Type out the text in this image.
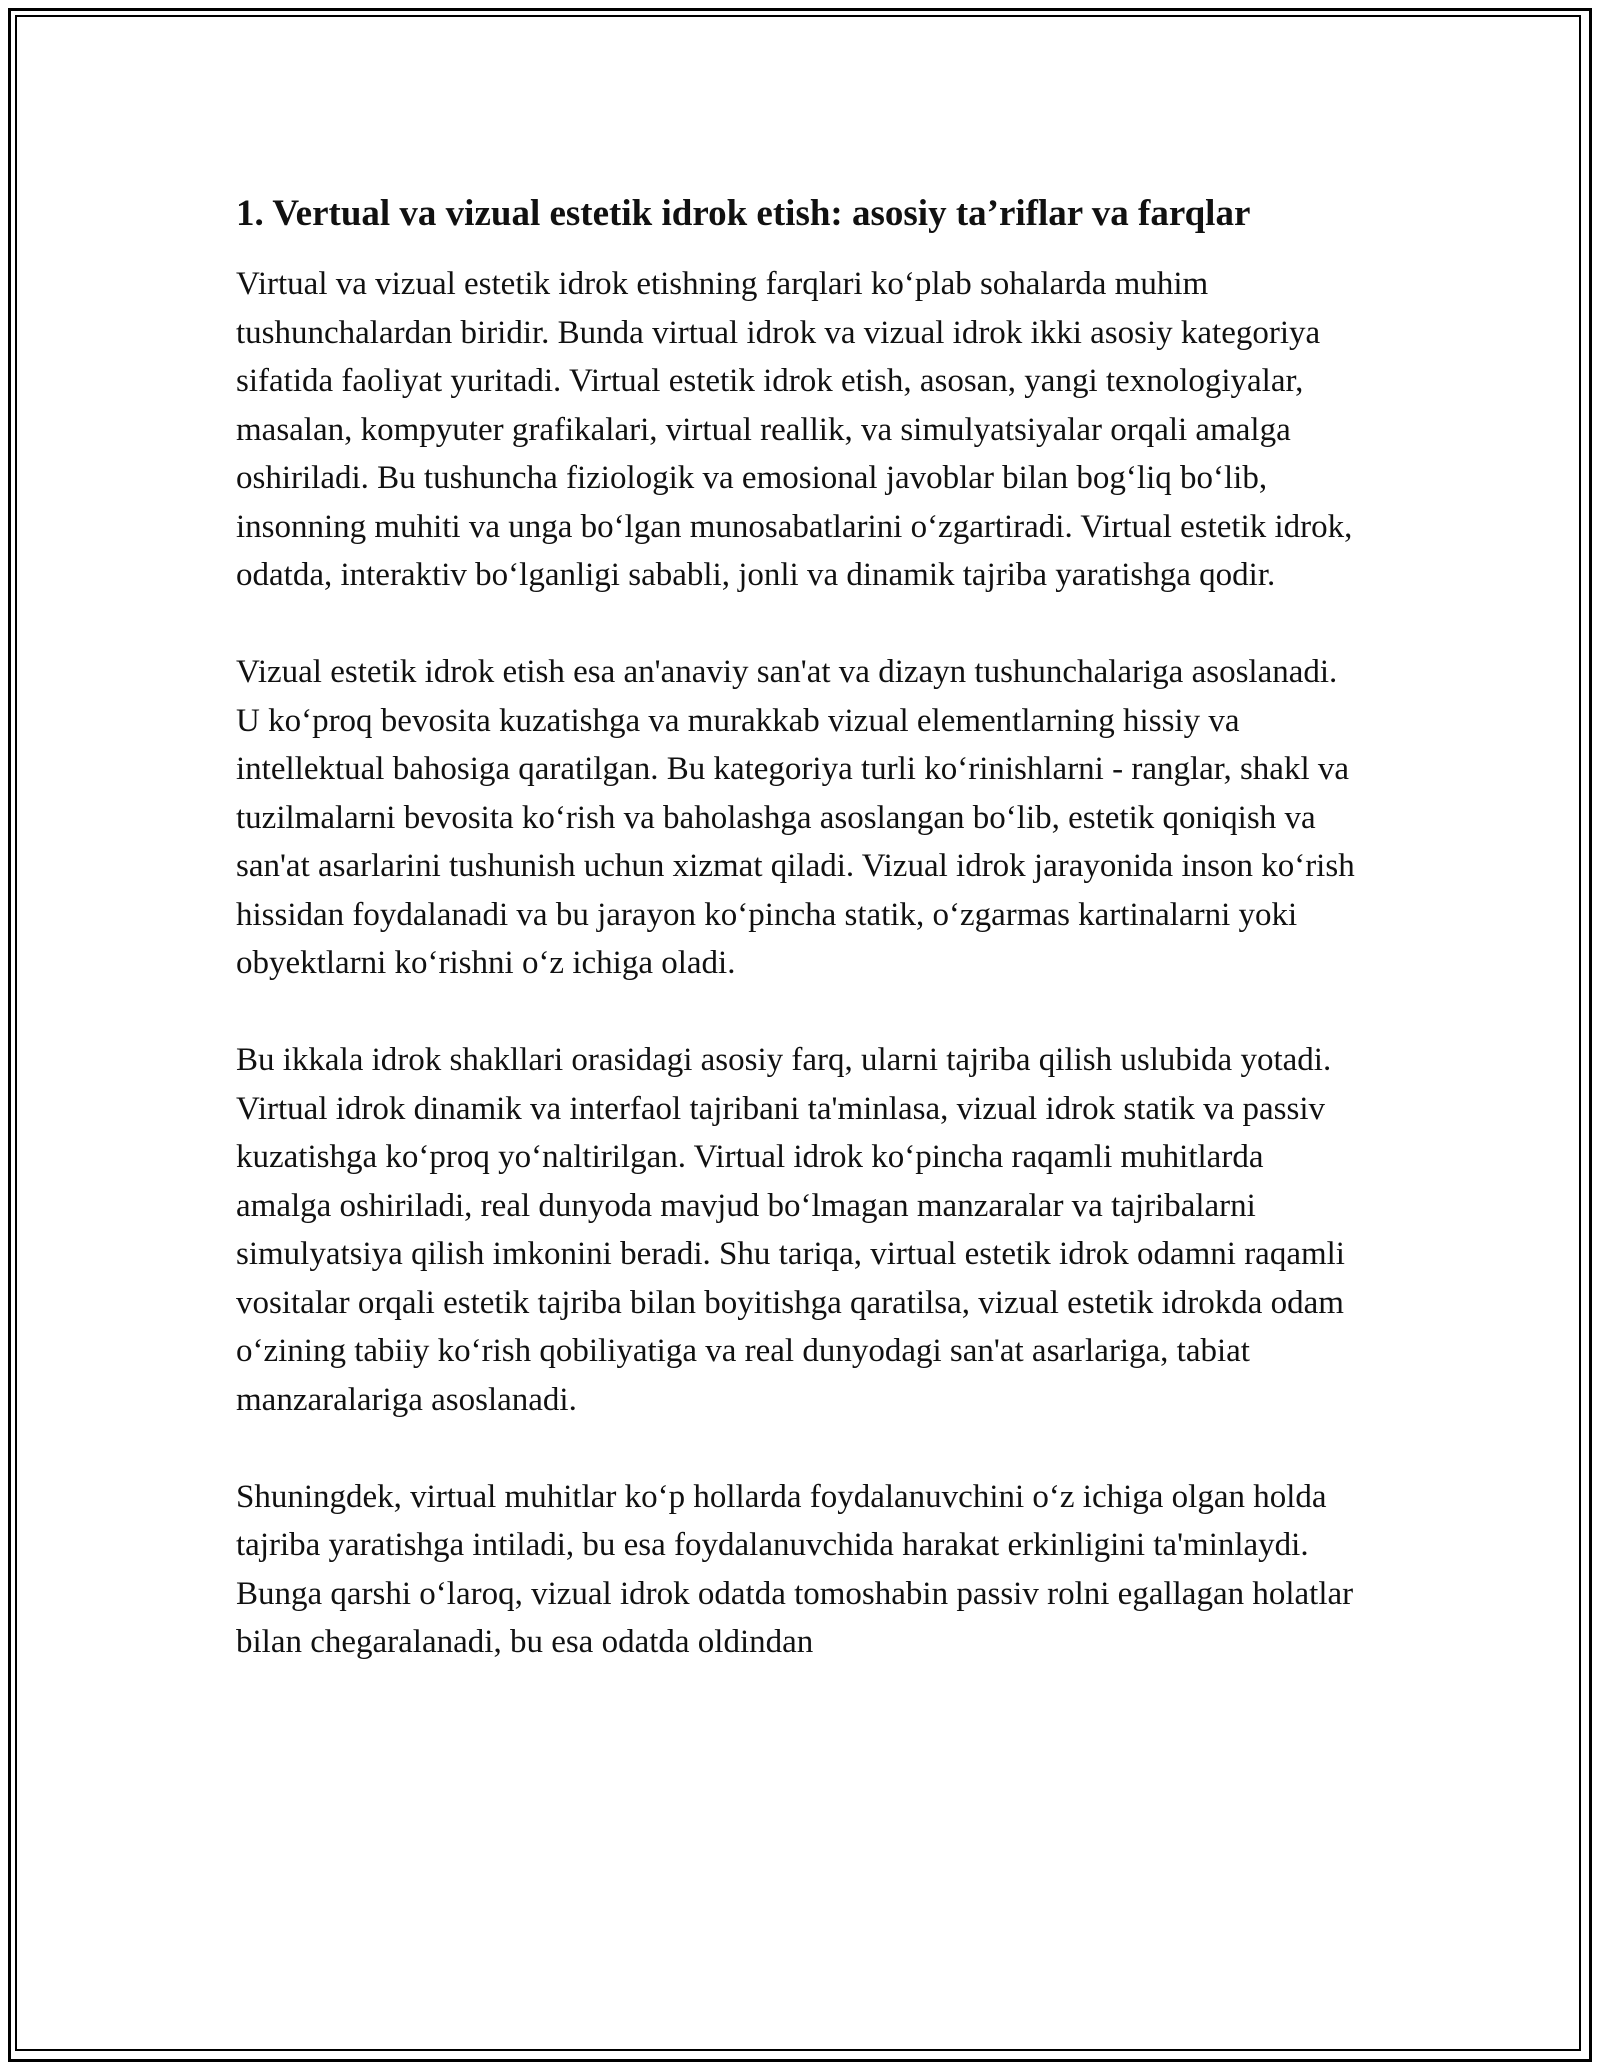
1. Vertual va vizual estetik idrok etish: asosiy ta’riflar va farqlar

Virtual va vizual estetik idrok etishning farqlari ko‘plab sohalarda muhim tushunchalardan biridir. Bunda virtual idrok va vizual idrok ikki asosiy kategoriya sifatida faoliyat yuritadi. Virtual estetik idrok etish, asosan, yangi texnologiyalar, masalan, kompyuter grafikalari, virtual reallik, va simulyatsiyalar orqali amalga oshiriladi. Bu tushuncha fiziologik va emosional javoblar bilan bog‘liq bo‘lib, insonning muhiti va unga bo‘lgan munosabatlarini o‘zgartiradi. Virtual estetik idrok, odatda, interaktiv bo‘lganligi sababli, jonli va dinamik tajriba yaratishga qodir.

Vizual estetik idrok etish esa an'anaviy san'at va dizayn tushunchalariga asoslanadi. U ko‘proq bevosita kuzatishga va murakkab vizual elementlarning hissiy va intellektual bahosiga qaratilgan. Bu kategoriya turli ko‘rinishlarni - ranglar, shakl va tuzilmalarni bevosita ko‘rish va baholashga asoslangan bo‘lib, estetik qoniqish va san'at asarlarini tushunish uchun xizmat qiladi. Vizual idrok jarayonida inson ko‘rish hissidan foydalanadi va bu jarayon ko‘pincha statik, o‘zgarmas kartinalarni yoki obyektlarni ko‘rishni o‘z ichiga oladi.

Bu ikkala idrok shakllari orasidagi asosiy farq, ularni tajriba qilish uslubida yotadi. Virtual idrok dinamik va interfaol tajribani ta'minlasa, vizual idrok statik va passiv kuzatishga ko‘proq yo‘naltirilgan. Virtual idrok ko‘pincha raqamli muhitlarda amalga oshiriladi, real dunyoda mavjud bo‘lmagan manzaralar va tajribalarni simulyatsiya qilish imkonini beradi. Shu tariqa, virtual estetik idrok odamni raqamli vositalar orqali estetik tajriba bilan boyitishga qaratilsa, vizual estetik idrokda odam o‘zining tabiiy ko‘rish qobiliyatiga va real dunyodagi san'at asarlariga, tabiat manzaralariga asoslanadi.

Shuningdek, virtual muhitlar ko‘p hollarda foydalanuvchini o‘z ichiga olgan holda tajriba yaratishga intiladi, bu esa foydalanuvchida harakat erkinligini ta'minlaydi. Bunga qarshi o‘laroq, vizual idrok odatda tomoshabin passiv rolni egallagan holatlar bilan chegaralanadi, bu esa odatda oldindan
